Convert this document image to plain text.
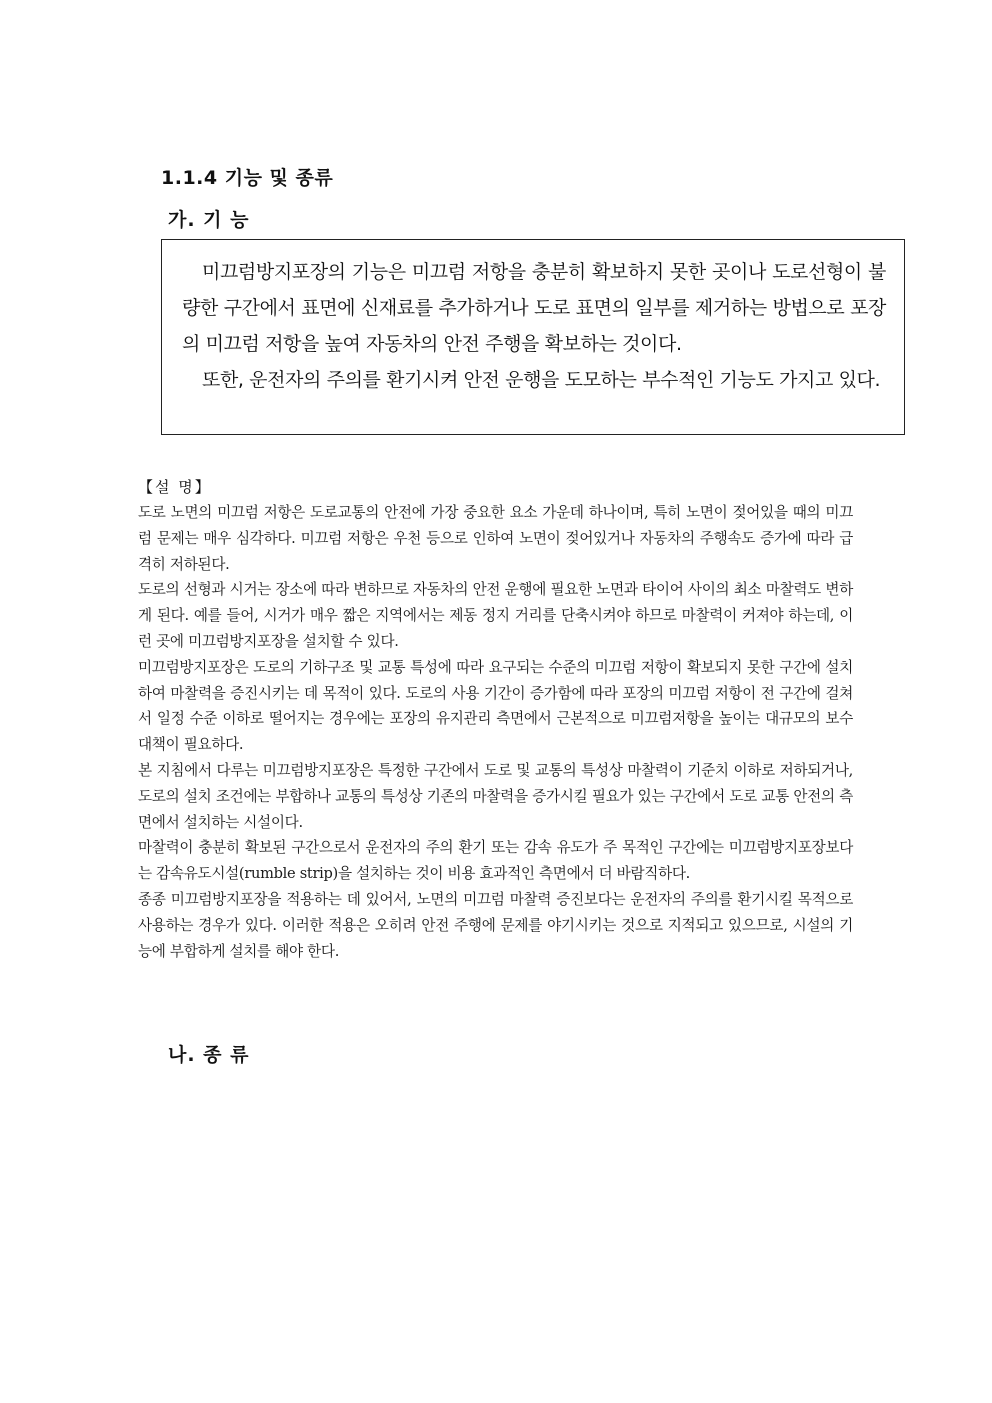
1.1.4 기능 및 종류
가. 기 능

미끄럼방지포장의 기능은 미끄럼 저항을 충분히 확보하지 못한 곳이나 도로선형이 불량한 구간에서 표면에 신재료를 추가하거나 도로 표면의 일부를 제거하는 방법으로 포장의 미끄럼 저항을 높여 자동차의 안전 주행을 확보하는 것이다.

또한, 운전자의 주의를 환기시켜 안전 운행을 도모하는 부수적인 기능도 가지고 있다.

【설 명】

도로 노면의 미끄럼 저항은 도로교통의 안전에 가장 중요한 요소 가운데 하나이며, 특히 노면이 젖어있을 때의 미끄럼 문제는 매우 심각하다. 미끄럼 저항은 우천 등으로 인하여 노면이 젖어있거나 자동차의 주행속도 증가에 따라 급격히 저하된다.

도로의 선형과 시거는 장소에 따라 변하므로 자동차의 안전 운행에 필요한 노면과 타이어 사이의 최소 마찰력도 변하게 된다. 예를 들어, 시거가 매우 짧은 지역에서는 제동 정지 거리를 단축시켜야 하므로 마찰력이 커져야 하는데, 이런 곳에 미끄럼방지포장을 설치할 수 있다.

미끄럼방지포장은 도로의 기하구조 및 교통 특성에 따라 요구되는 수준의 미끄럼 저항이 확보되지 못한 구간에 설치하여 마찰력을 증진시키는 데 목적이 있다. 도로의 사용 기간이 증가함에 따라 포장의 미끄럼 저항이 전 구간에 걸쳐서 일정 수준 이하로 떨어지는 경우에는 포장의 유지관리 측면에서 근본적으로 미끄럼저항을 높이는 대규모의 보수 대책이 필요하다.

본 지침에서 다루는 미끄럼방지포장은 특정한 구간에서 도로 및 교통의 특성상 마찰력이 기준치 이하로 저하되거나, 도로의 설치 조건에는 부합하나 교통의 특성상 기존의 마찰력을 증가시킬 필요가 있는 구간에서 도로 교통 안전의 측면에서 설치하는 시설이다.

마찰력이 충분히 확보된 구간으로서 운전자의 주의 환기 또는 감속 유도가 주 목적인 구간에는 미끄럼방지포장보다는 감속유도시설(rumble strip)을 설치하는 것이 비용 효과적인 측면에서 더 바람직하다.

종종 미끄럼방지포장을 적용하는 데 있어서, 노면의 미끄럼 마찰력 증진보다는 운전자의 주의를 환기시킬 목적으로 사용하는 경우가 있다. 이러한 적용은 오히려 안전 주행에 문제를 야기시키는 것으로 지적되고 있으므로, 시설의 기능에 부합하게 설치를 해야 한다.

나. 종 류
